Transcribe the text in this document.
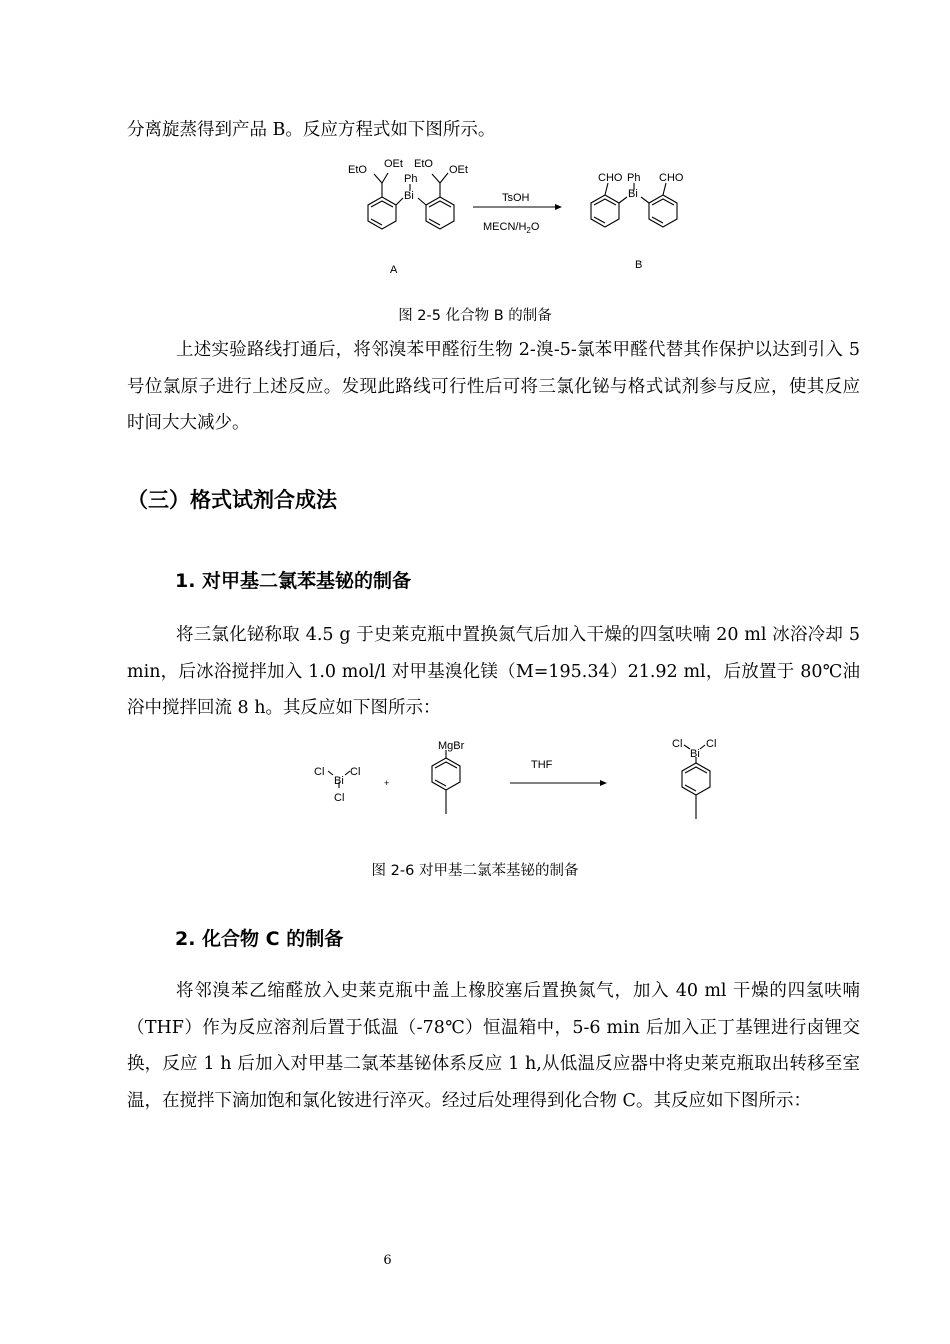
分离旋蒸得到产品 B。反应方程式如下图所示。

EtO OEt EtO OEt
Ph
Bi	TsOH
MECN/$H_2O$
CHO Ph CHO
Bi
A	B
图 2-5 化合物 B 的制备

上述实验路线打通后，将邻溴苯甲醛衍生物 2-溴-5-氯苯甲醛代替其作保护以达到引入 5 号位氯原子进行上述反应。发现此路线可行性后可将三氯化铋与格式试剂参与反应，使其反应时间大大减少。

（三）格式试剂合成法
1. 对甲基二氯苯基铋的制备

将三氯化铋称取 4.5 g 于史莱克瓶中置换氮气后加入干燥的四氢呋喃 20 ml 冰浴冷却 5 min，后冰浴搅拌加入 1.0 mol/l 对甲基溴化镁（M=195.34）21.92 ml，后放置于 80℃油浴中搅拌回流 8 h。其反应如下图所示：

Cl Cl
Bi
Cl
+
MgBr
THF
Cl Cl
Bi
图 2-6 对甲基二氯苯基铋的制备
2. 化合物 C 的制备

将邻溴苯乙缩醛放入史莱克瓶中盖上橡胶塞后置换氮气，加入 40 ml 干燥的四氢呋喃（THF）作为反应溶剂后置于低温（-78℃）恒温箱中，5-6 min 后加入正丁基锂进行卤锂交换，反应 1 h 后加入对甲基二氯苯基铋体系反应 1 h,从低温反应器中将史莱克瓶取出转移至室温，在搅拌下滴加饱和氯化铵进行淬灭。经过后处理得到化合物 C。其反应如下图所示：

6
